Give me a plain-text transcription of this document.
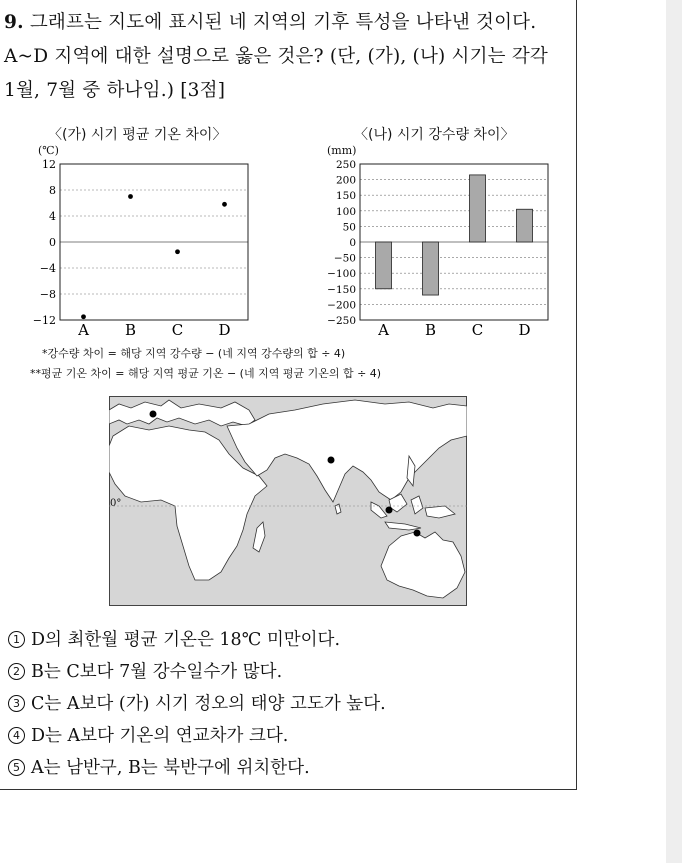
9. 그래프는 지도에 표시된 네 지역의 기후 특성을 나타낸 것이다.
A~D 지역에 대한 설명으로 옳은 것은? (단, (가), (나) 시기는 각각
1월, 7월 중 하나임.) [3점]
〈(가) 시기 평균 기온 차이〉
(℃)
12
8
4
0
−4
−8
−12
A B C D
〈(나) 시기 강수량 차이〉
(mm)
250
200
150
100
50
0
−50
−100
−150
−200
−250 A B C D
*강수량 차이 = 해당 지역 강수량 − (네 지역 강수량의 합 ÷ 4)
**평균 기온 차이 = 해당 지역 평균 기온 − (네 지역 평균 기온의 합 ÷ 4)
0°
1 D의 최한월 평균 기온은 18℃ 미만이다.
2 B는 C보다 7월 강수일수가 많다.
3 C는 A보다 (가) 시기 정오의 태양 고도가 높다.
4 D는 A보다 기온의 연교차가 크다.
5 A는 남반구, B는 북반구에 위치한다.
